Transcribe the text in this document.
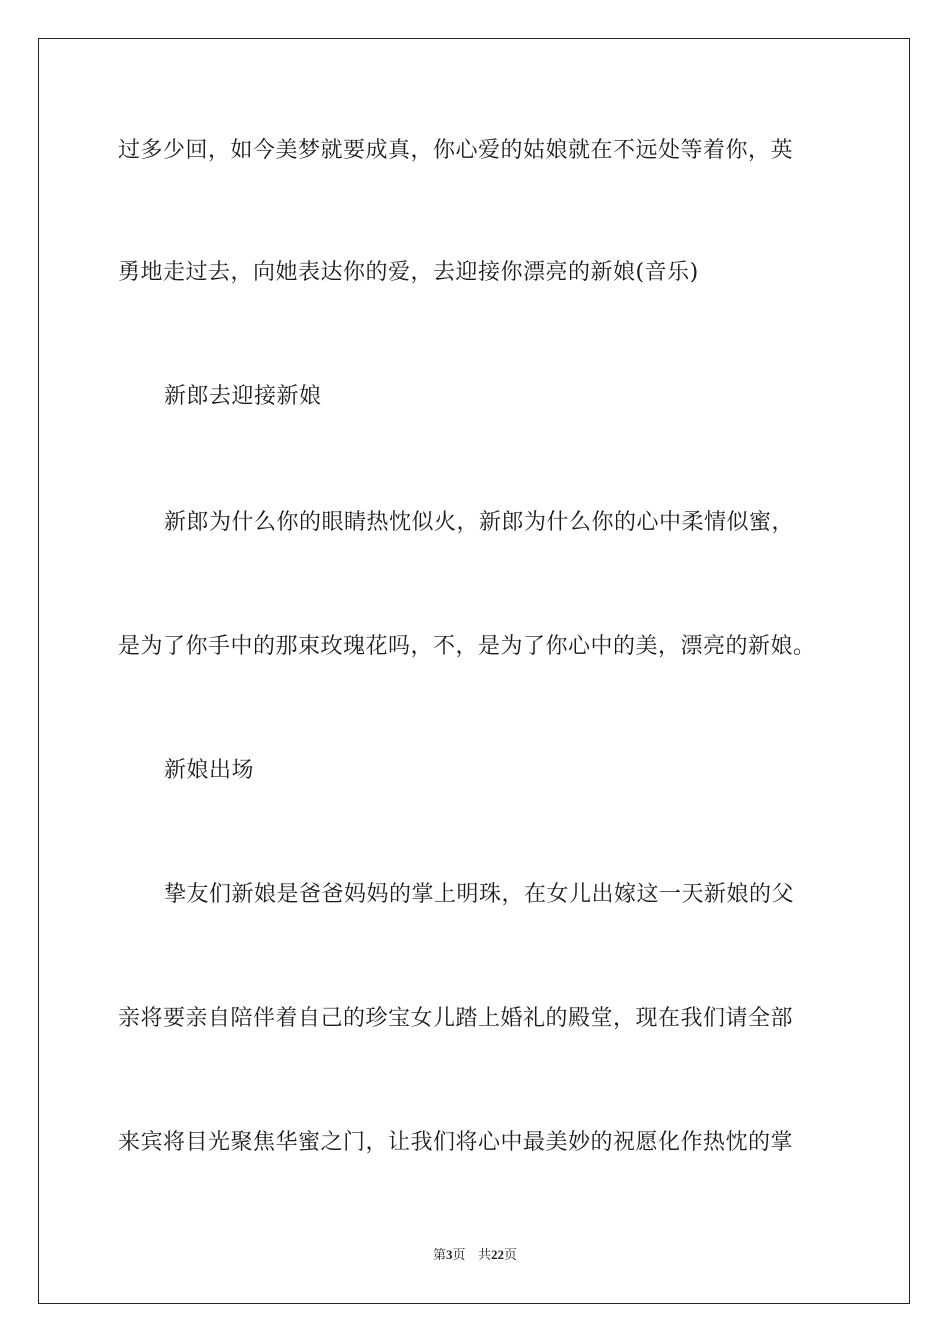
过多少回，如今美梦就要成真，你心爱的姑娘就在不远处等着你，英
勇地走过去，向她表达你的爱，去迎接你漂亮的新娘(音乐)
新郎去迎接新娘
新郎为什么你的眼睛热忱似火，新郎为什么你的心中柔情似蜜，
是为了你手中的那束玫瑰花吗，不，是为了你心中的美，漂亮的新娘。
新娘出场
挚友们新娘是爸爸妈妈的掌上明珠，在女儿出嫁这一天新娘的父
亲将要亲自陪伴着自己的珍宝女儿踏上婚礼的殿堂，现在我们请全部
来宾将目光聚焦华蜜之门，让我们将心中最美妙的祝愿化作热忱的掌
第3页 共22页
